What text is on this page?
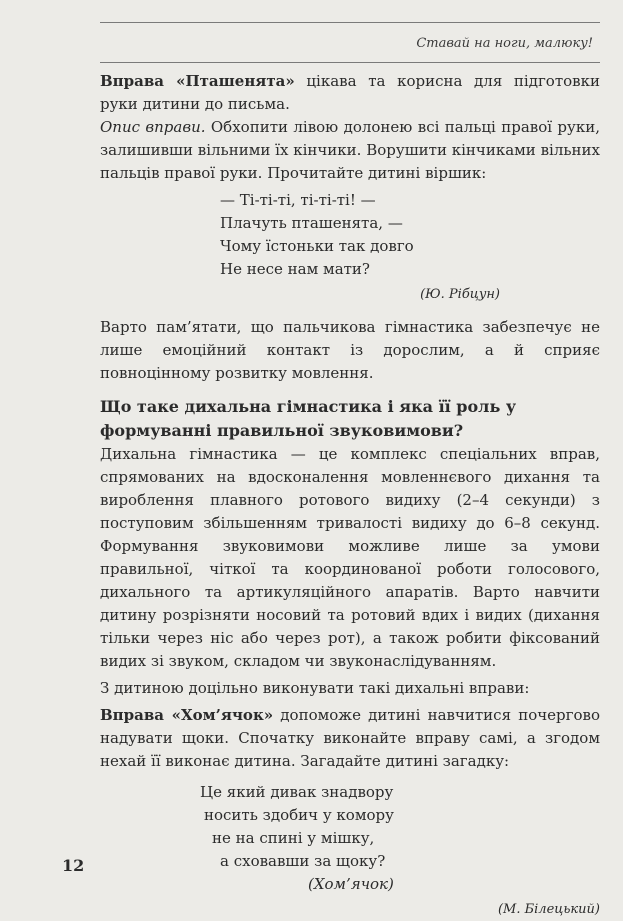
Ставай на ноги, малюку!

Вправа «Пташенята» цікава та корисна для підготовки руки дитини до письма.

Опис вправи. Обхопити лівою долонею всі пальці правої руки, залишивши вільними їх кінчики. Ворушити кінчиками вільних пальців правої руки. Прочитайте дитині віршик:

— Ті-ті-ті, ті-ті-ті! —
Плачуть пташенята, —
Чому їстоньки так довго
Не несе нам мати?
(Ю. Рібцун)

Варто пам’ятати, що пальчикова гімнастика забезпечує не лише емоційний контакт із дорослим, а й сприяє повноцінному розвитку мовлення.

Що таке дихальна гімнастика і яка її роль у формуванні правильної звуковимови?

Дихальна гімнастика — це комплекс спеціальних вправ, спрямованих на вдосконалення мовленнєвого дихання та вироблення плавного ротового видиху (2–4 секунди) з поступовим збільшенням тривалості видиху до 6–8 секунд. Формування звуковимови можливе лише за умови правильної, чіткої та координованої роботи голосового, дихального та артикуляційного апаратів. Варто навчити дитину розрізняти носовий та ротовий вдих і видих (дихання тільки через ніс або через рот), а також робити фіксований видих зі звуком, складом чи звуконаслідуванням.

З дитиною доцільно виконувати такі дихальні вправи:

Вправа «Хом’ячок» допоможе дитині навчитися почергово надувати щоки. Спочатку виконайте вправу самі, а згодом нехай її виконає дитина. Загадайте дитині загадку:

Це який дивак знадвору
носить здобич у комору
не на спині у мішку,
а сховавши за щоку?
(Хом’ячок)
(М. Білецький)
12
